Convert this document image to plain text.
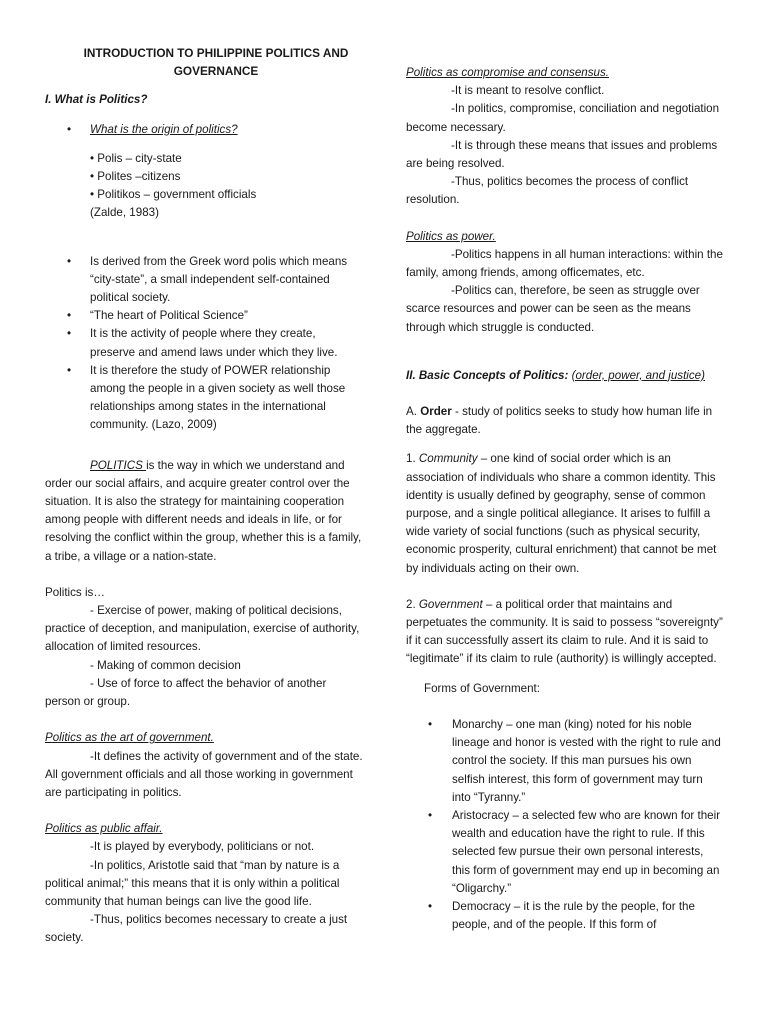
INTRODUCTION TO PHILIPPINE POLITICS AND GOVERNANCE

I. What is Politics?

• What is the origin of politics?

• Polis – city-state

• Polites –citizens

• Politikos – government officials

(Zalde, 1983)

• Is derived from the Greek word polis which means “city-state”, a small independent self-contained political society.

• “The heart of Political Science”

• It is the activity of people where they create, preserve and amend laws under which they live.

• It is therefore the study of POWER relationship among the people in a given society as well those relationships among states in the international community. (Lazo, 2009)

POLITICS is the way in which we understand and order our social affairs, and acquire greater control over the situation. It is also the strategy for maintaining cooperation among people with different needs and ideals in life, or for resolving the conflict within the group, whether this is a family, a tribe, a village or a nation-state.

Politics is…

- Exercise of power, making of political decisions, practice of deception, and manipulation, exercise of authority, allocation of limited resources.

- Making of common decision

- Use of force to affect the behavior of another person or group.

Politics as the art of government.

-It defines the activity of government and of the state. All government officials and all those working in government are participating in politics.

Politics as public affair.

-It is played by everybody, politicians or not.

-In politics, Aristotle said that “man by nature is a political animal;” this means that it is only within a political community that human beings can live the good life.

-Thus, politics becomes necessary to create a just society.

Politics as compromise and consensus.

-It is meant to resolve conflict.

-In politics, compromise, conciliation and negotiation become necessary.

-It is through these means that issues and problems are being resolved.

-Thus, politics becomes the process of conflict resolution.

Politics as power.

-Politics happens in all human interactions: within the family, among friends, among officemates, etc.

-Politics can, therefore, be seen as struggle over scarce resources and power can be seen as the means through which struggle is conducted.

II. Basic Concepts of Politics: (order, power, and justice)

A. Order - study of politics seeks to study how human life in the aggregate.

1. Community – one kind of social order which is an association of individuals who share a common identity. This identity is usually defined by geography, sense of common purpose, and a single political allegiance. It arises to fulfill a wide variety of social functions (such as physical security, economic prosperity, cultural enrichment) that cannot be met by individuals acting on their own.

2. Government – a political order that maintains and perpetuates the community. It is said to possess “sovereignty” if it can successfully assert its claim to rule. And it is said to “legitimate” if its claim to rule (authority) is willingly accepted.

Forms of Government:

• Monarchy – one man (king) noted for his noble lineage and honor is vested with the right to rule and control the society. If this man pursues his own selfish interest, this form of government may turn into “Tyranny.”

• Aristocracy – a selected few who are known for their wealth and education have the right to rule. If this selected few pursue their own personal interests, this form of government may end up in becoming an “Oligarchy.”

• Democracy – it is the rule by the people, for the people, and of the people. If this form of
